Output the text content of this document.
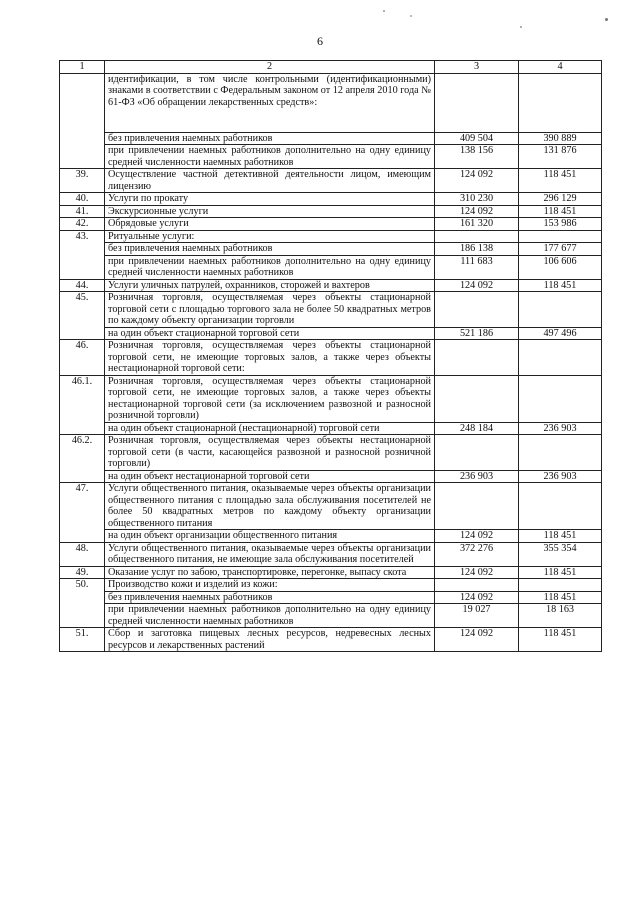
6
1	2	3	4
	идентификации, в том числе контрольными (идентификационными) знаками в соответствии с Федеральным законом от 12 апреля 2010 года № 61-ФЗ «Об обращении лекарственных средств»:		
	без привлечения наемных работников	409 504	390 889
	при привлечении наемных работников дополнительно на одну единицу средней численности наемных работников	138 156	131 876
39.	Осуществление частной детективной деятельности лицом, имеющим лицензию	124 092	118 451
40.	Услуги по прокату	310 230	296 129
41.	Экскурсионные услуги	124 092	118 451
42.	Обрядовые услуги	161 320	153 986
43.	Ритуальные услуги:		
	без привлечения наемных работников	186 138	177 677
	при привлечении наемных работников дополнительно на одну единицу средней численности наемных работников	111 683	106 606
44.	Услуги уличных патрулей, охранников, сторожей и вахтеров	124 092	118 451
45.	Розничная торговля, осуществляемая через объекты стационарной торговой сети с площадью торгового зала не более 50 квадратных метров по каждому объекту организации торговли		
	на один объект стационарной торговой сети	521 186	497 496
46.	Розничная торговля, осуществляемая через объекты стационарной торговой сети, не имеющие торговых залов, а также через объекты нестационарной торговой сети:		
46.1.	Розничная торговля, осуществляемая через объекты стационарной торговой сети, не имеющие торговых залов, а также через объекты нестационарной торговой сети (за исключением развозной и разносной розничной торговли)		
	на один объект стационарной (нестационарной) торговой сети	248 184	236 903
46.2.	Розничная торговля, осуществляемая через объекты нестационарной торговой сети (в части, касающейся развозной и разносной розничной торговли)		
	на один объект нестационарной торговой сети	236 903	236 903
47.	Услуги общественного питания, оказываемые через объекты организации общественного питания с площадью зала обслуживания посетителей не более 50 квадратных метров по каждому объекту организации общественного питания		
	на один объект организации общественного питания	124 092	118 451
48.	Услуги общественного питания, оказываемые через объекты организации общественного питания, не имеющие зала обслуживания посетителей	372 276	355 354
49.	Оказание услуг по забою, транспортировке, перегонке, выпасу скота	124 092	118 451
50.	Производство кожи и изделий из кожи:		
	без привлечения наемных работников	124 092	118 451
	при привлечении наемных работников дополнительно на одну единицу средней численности наемных работников	19 027	18 163
51.	Сбор и заготовка пищевых лесных ресурсов, недревесных лесных ресурсов и лекарственных растений	124 092	118 451
